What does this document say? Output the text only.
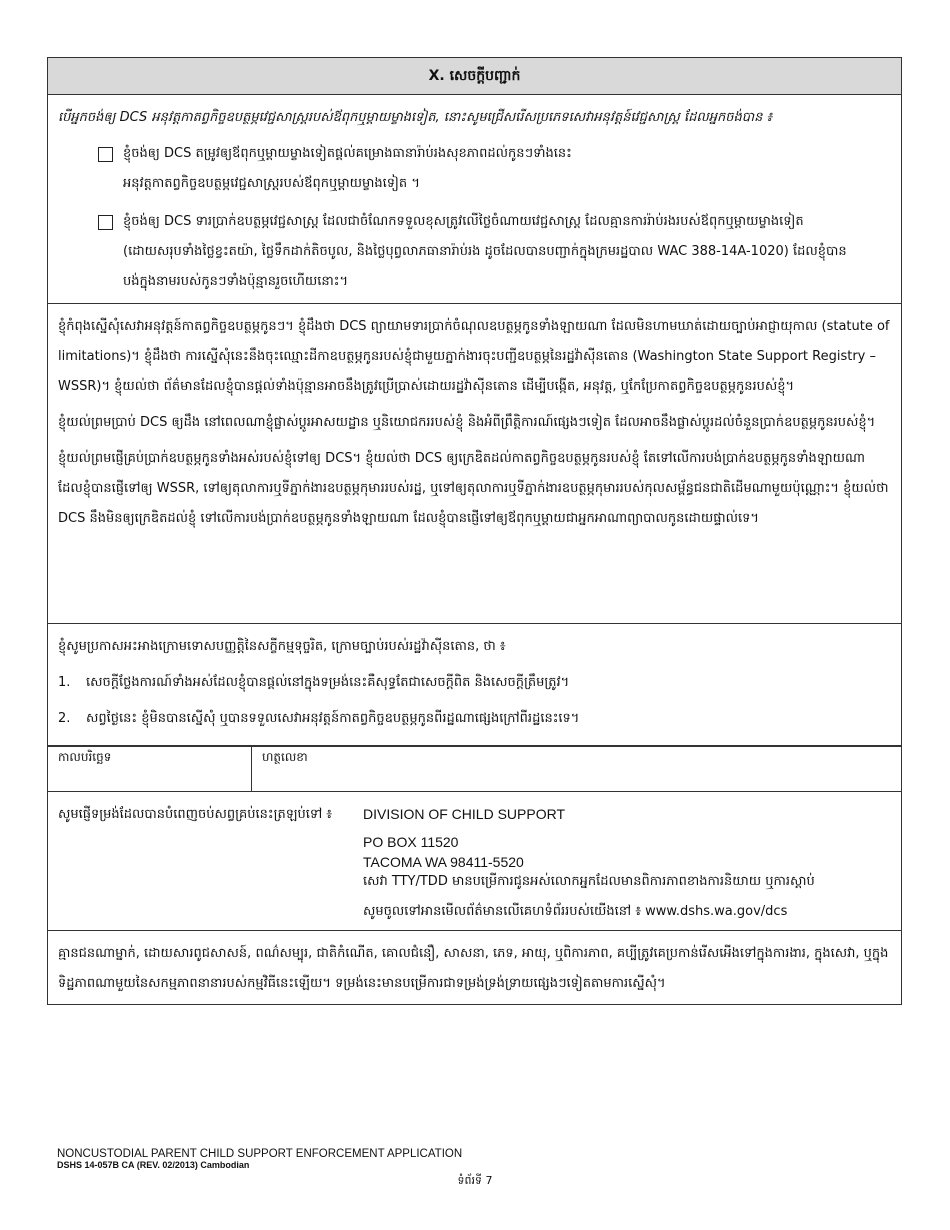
X. សេចក្តីបញ្ជាក់
បើអ្នកចង់ឲ្យ DCS អនុវត្តកាតព្វកិច្ចឧបត្ថម្ភវេជ្ជសាស្ត្ររបស់ឪពុកឬម្តាយម្ខាងទៀត, នោះសូមជ្រើសរើសប្រភេទសេវាអនុវត្តន៍វេជ្ជសាស្ត្រ ដែលអ្នកចង់បាន ៖
ខ្ញុំចង់ឲ្យ DCS តម្រូវឲ្យឪពុកឬម្តាយម្ខាងទៀតផ្តល់គម្រោងធានារ៉ាប់រងសុខភាពដល់កូនៗទាំងនេះ
អនុវត្តកាតព្វកិច្ចឧបត្ថម្ភវេជ្ជសាស្ត្ររបស់ឪពុកឬម្តាយម្ខាងទៀត ។
ខ្ញុំចង់ឲ្យ DCS ទារប្រាក់ឧបត្ថម្ភវេជ្ជសាស្ត្រ ដែលជាចំណែកទទួលខុសត្រូវលើថ្លៃចំណាយវេជ្ជសាស្ត្រ ដែលគ្មានការរ៉ាប់រងរបស់ឪពុកឬម្តាយម្ខាងទៀត
(ដោយសរុបទាំងថ្លៃខ្វះតយ៉ា, ថ្លៃទឹកដាក់តិចបូល, និងថ្លៃបុព្វលាភធានារ៉ាប់រង ដូចដែលបានបញ្ជាក់ក្នុងក្រមរដ្ឋបាល WAC 388-14A-1020) ដែលខ្ញុំបាន
បង់ក្នុងនាមរបស់កូនៗទាំងប៉ុន្មានរួចហើយនោះ។

ខ្ញុំកំពុងស្នើសុំសេវាអនុវត្តន៍កាតព្វកិច្ចឧបត្ថម្ភកូនៗ។ ខ្ញុំដឹងថា DCS ព្យាយាមទារប្រាក់ចំណុលឧបត្ថម្ភកូនទាំងឡាយណា ដែលមិនហាមឃាត់ដោយច្បាប់អាជ្ញាយុកាល (statute of limitations)។ ខ្ញុំដឹងថា ការស្នើសុំនេះនឹងចុះឈ្មោះដីកាឧបត្ថម្ភកូនរបស់ខ្ញុំជាមួយភ្នាក់ងារចុះបញ្ជីឧបត្ថម្ភនៃរដ្ឋវ៉ាស៊ីនតោន (Washington State Support Registry – WSSR)។ ខ្ញុំយល់ថា ព័ត៌មានដែលខ្ញុំបានផ្តល់ទាំងប៉ុន្មានអាចនឹងត្រូវប្រើប្រាស់ដោយរដ្ឋវ៉ាស៊ីនតោន ដើម្បីបង្កើត, អនុវត្ត, ឬកែប្រែកាតព្វកិច្ចឧបត្ថម្ភកូនរបស់ខ្ញុំ។

ខ្ញុំយល់ព្រមប្រាប់ DCS ឲ្យដឹង នៅពេលណាខ្ញុំផ្លាស់ប្តូរអាសយដ្ឋាន ឬនិយោជកររបស់ខ្ញុំ និងអំពីព្រឹត្តិការណ៍ផ្សេងៗទៀត ដែលអាចនឹងផ្លាស់ប្តូរដល់ចំនួនប្រាក់ឧបត្ថម្ភកូនរបស់ខ្ញុំ។

ខ្ញុំយល់ព្រមផ្ញើគ្រប់ប្រាក់ឧបត្ថម្ភកូនទាំងអស់របស់ខ្ញុំទៅឲ្យ DCS។ ខ្ញុំយល់ថា DCS ឲ្យក្រេឌិតដល់កាតព្វកិច្ចឧបត្ថម្ភកូនរបស់ខ្ញុំ តែទៅលើការបង់ប្រាក់ឧបត្ថម្ភកូនទាំងឡាយណា ដែលខ្ញុំបានផ្ញើទៅឲ្យ WSSR, ទៅឲ្យតុលាការឬទីភ្នាក់ងារឧបត្ថម្ភកុមាររបស់រដ្ឋ, ឬទៅឲ្យតុលាការឬទីភ្នាក់ងារឧបត្ថម្ភកុមាររបស់កុលសម្ព័ន្ធជនជាតិដើមណាមួយប៉ុណ្ណោះ។ ខ្ញុំយល់ថា DCS នឹងមិនឲ្យក្រេឌិតដល់ខ្ញុំ ទៅលើការបង់ប្រាក់ឧបត្ថម្ភកូនទាំងឡាយណា ដែលខ្ញុំបានផ្ញើទៅឲ្យឪពុកឬម្តាយជាអ្នកអាណាព្យាបាលកូនដោយផ្ទាល់ទេ។

ខ្ញុំសូមប្រកាសអះអាងក្រោមទោសបញ្ញត្តិនៃសក្ខីកម្មទុច្ចរិត, ក្រោមច្បាប់របស់រដ្ឋវ៉ាស៊ីនតោន, ថា ៖
1.	សេចក្តីថ្លែងការណ៍ទាំងអស់ដែលខ្ញុំបានផ្តល់នៅក្នុងទម្រង់នេះគឺសុទ្ធតែជាសេចក្តីពិត និងសេចក្តីត្រឹមត្រូវ។
2.	សព្វថ្ងៃនេះ ខ្ញុំមិនបានស្នើសុំ ឬបានទទួលសេវាអនុវត្តន៍កាតព្វកិច្ចឧបត្ថម្ភកូនពីរដ្ឋណាផ្សេងក្រៅពីរដ្ឋនេះទេ។
កាលបរិច្ឆេទ	ហត្ថលេខា
សូមផ្ញើទម្រង់ដែលបានបំពេញចប់សព្វគ្រប់នេះត្រឡប់ទៅ ៖	DIVISION OF CHILD SUPPORT
PO BOX 11520
TACOMA WA 98411-5520
សេវា TTY/TDD មានបម្រើការជូនអស់លោកអ្នកដែលមានពិការភាពខាងការនិយាយ ឬការស្តាប់
សូមចូលទៅអានមើលព័ត៌មានលើគេហទំព័ររបស់យើងនៅ ៖ www.dshs.wa.gov/dcs
គ្មានជនណាម្នាក់, ដោយសារពូជសាសន៍, ពណ៌សម្បុរ, ជាតិកំណើត, គោលជំនឿ, សាសនា, ភេទ, អាយុ, ឬពិការភាព, គប្បីត្រូវគេប្រកាន់រើសអើងទៅក្នុងការងារ, ក្នុងសេវា, ឬក្នុងទិដ្ឋភាពណាមួយនៃសកម្មភាពនានារបស់កម្មវិធីនេះឡើយ។ ទម្រង់នេះមានបម្រើការជាទម្រង់ទ្រង់ទ្រាយផ្សេងៗទៀតតាមការស្នើសុំ។
NONCUSTODIAL PARENT CHILD SUPPORT ENFORCEMENT APPLICATION
DSHS 14-057B CA (REV. 02/2013) Cambodian
ទំព័រទី 7
